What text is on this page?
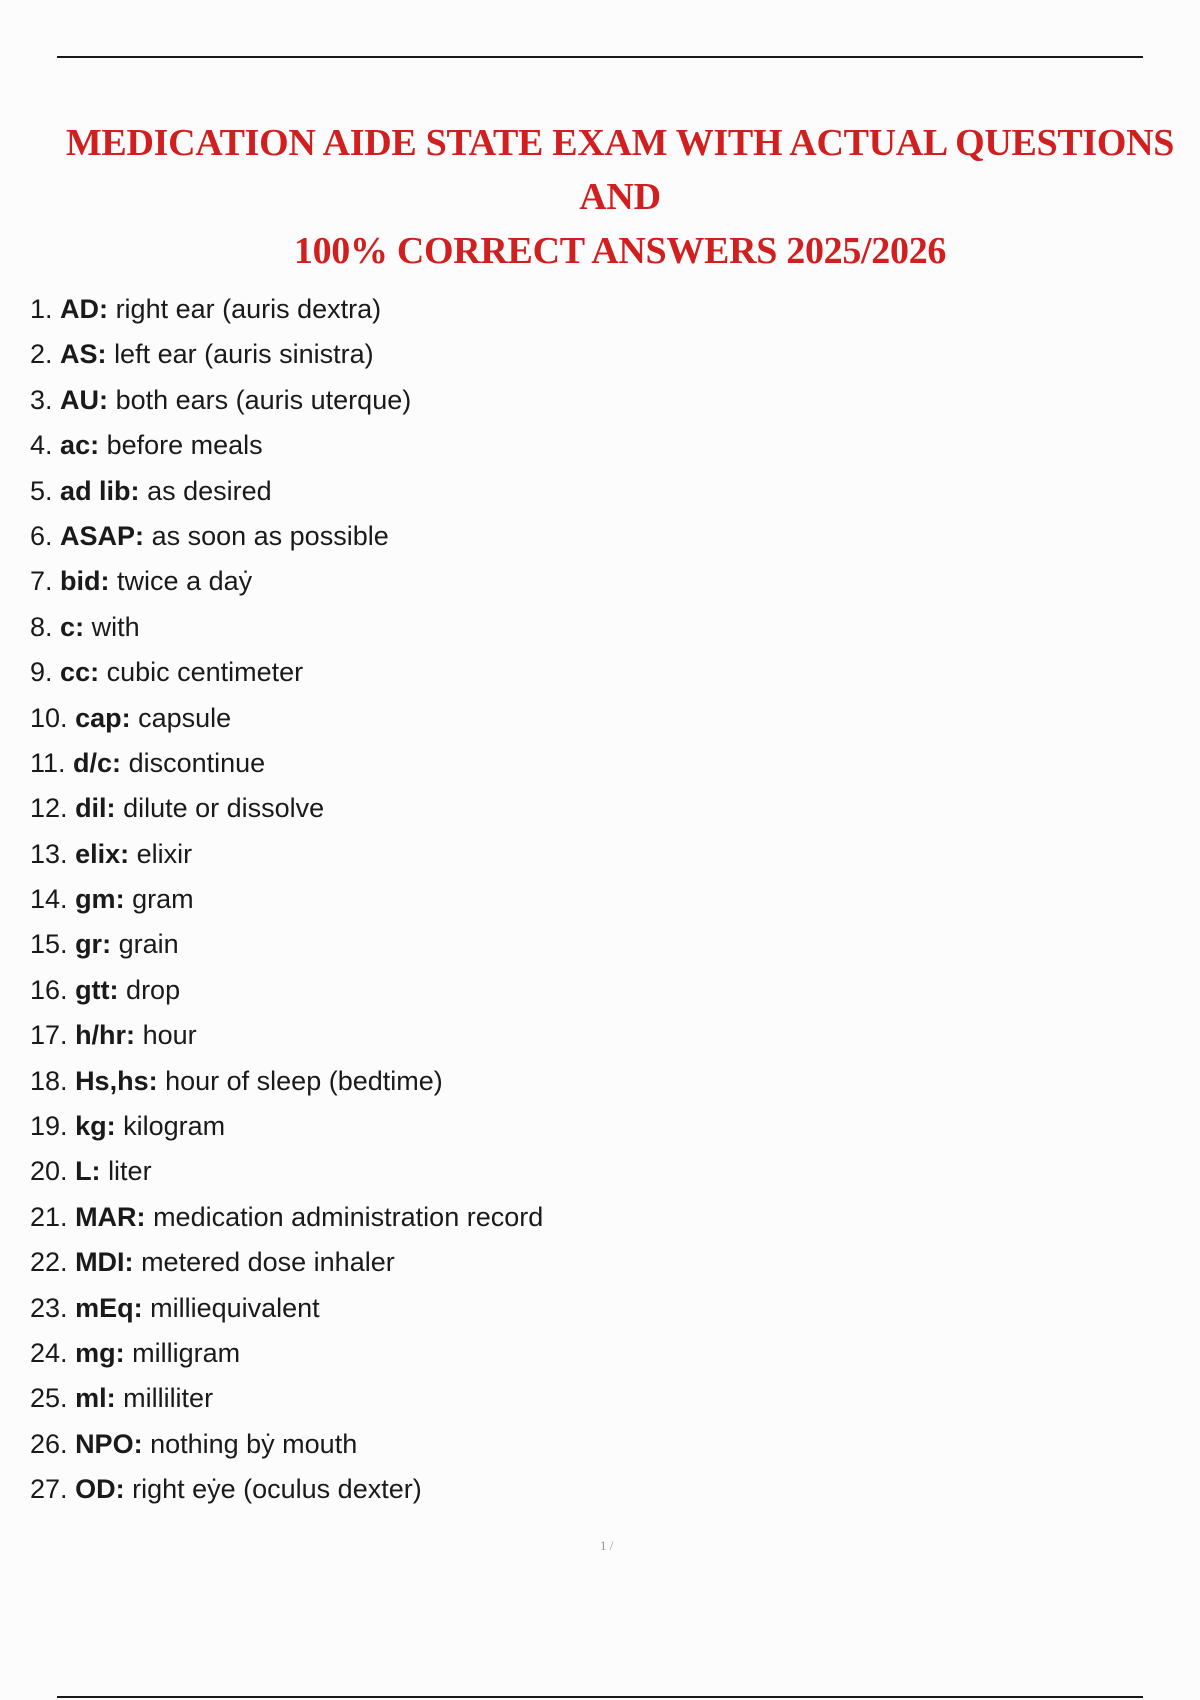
MEDICATION AIDE STATE EXAM WITH ACTUAL QUESTIONS AND
100% CORRECT ANSWERS 2025/2026
1. AD: right ear (auris dextra)
2. AS: left ear (auris sinistra)
3. AU: both ears (auris uterque)
4. ac: before meals
5. ad lib: as desired
6. ASAP: as soon as possible
7. bid: twice a daẏ
8. c: with
9. cc: cubic centimeter
10. cap: capsule
11. d/c: discontinue
12. dil: dilute or dissolve
13. elix: elixir
14. gm: gram
15. gr: grain
16. gtt: drop
17. h/hr: hour
18. Hs,hs: hour of sleep (bedtime)
19. kg: kilogram
20. L: liter
21. MAR: medication administration record
22. MDI: metered dose inhaler
23. mEq: milliequivalent
24. mg: milligram
25. ml: milliliter
26. NPO: nothing bẏ mouth
27. OD: right eẏe (oculus dexter)
1 /
